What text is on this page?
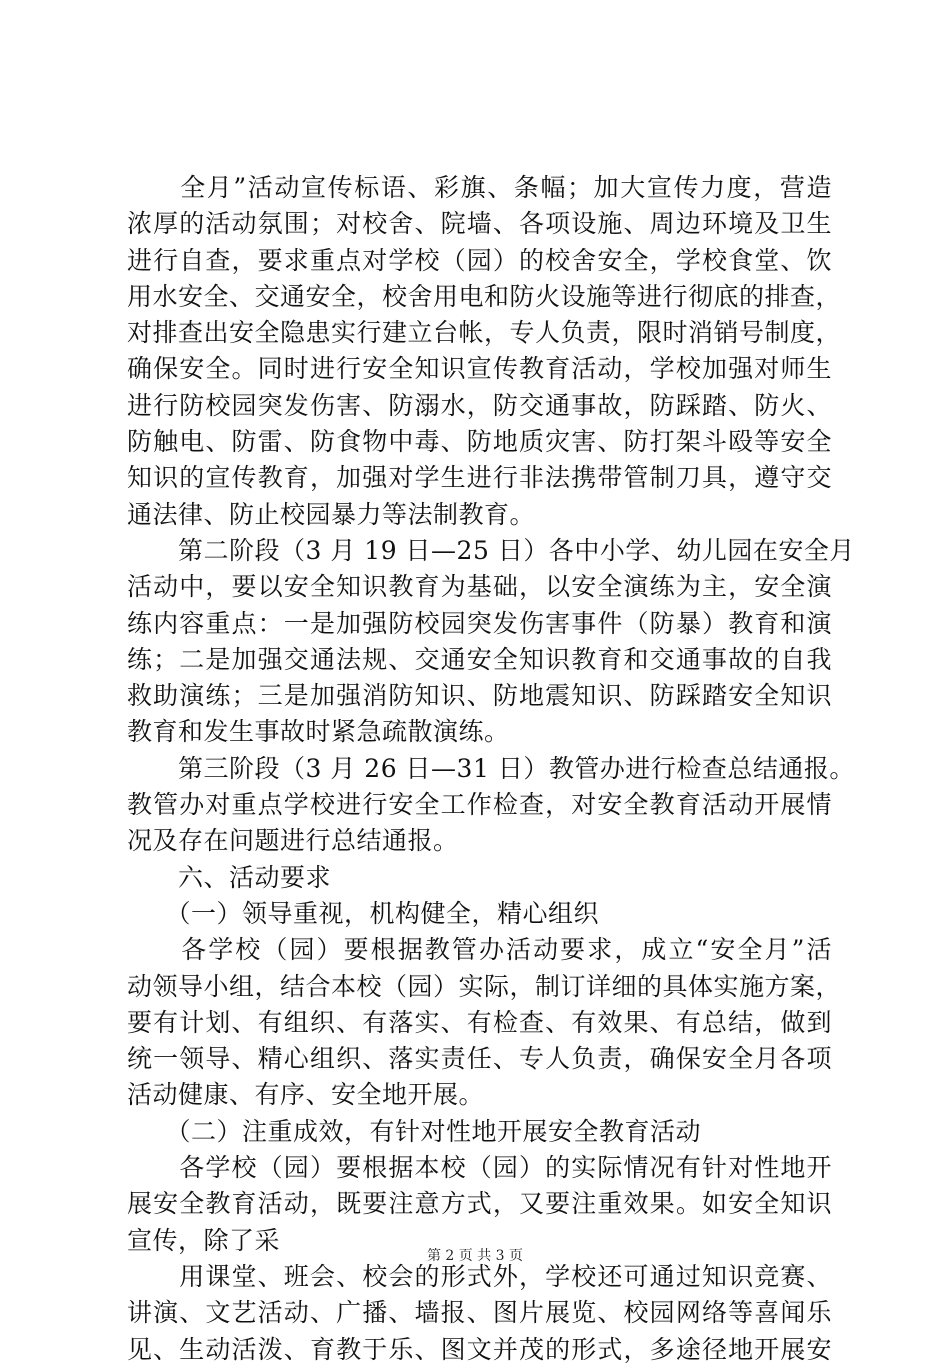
　　全月”活动宣传标语、彩旗、条幅；加大宣传力度，营造
浓厚的活动氛围；对校舍、院墙、各项设施、周边环境及卫生
进行自查，要求重点对学校（园）的校舍安全，学校食堂、饮
用水安全、交通安全，校舍用电和防火设施等进行彻底的排查，
对排查出安全隐患实行建立台帐，专人负责，限时消销号制度，
确保安全。同时进行安全知识宣传教育活动，学校加强对师生
进行防校园突发伤害、防溺水，防交通事故，防踩踏、防火、
防触电、防雷、防食物中毒、防地质灾害、防打架斗殴等安全
知识的宣传教育，加强对学生进行非法携带管制刀具，遵守交
通法律、防止校园暴力等法制教育。
　　第二阶段（3 月 19 日—25 日）各中小学、幼儿园在安全月
活动中，要以安全知识教育为基础，以安全演练为主，安全演
练内容重点：一是加强防校园突发伤害事件（防暴）教育和演
练；二是加强交通法规、交通安全知识教育和交通事故的自我
救助演练；三是加强消防知识、防地震知识、防踩踏安全知识
教育和发生事故时紧急疏散演练。
　　第三阶段（3 月 26 日—31 日）教管办进行检查总结通报。
教管办对重点学校进行安全工作检查，对安全教育活动开展情
况及存在问题进行总结通报。
　　六、活动要求
　　（一）领导重视，机构健全，精心组织
　　各学校（园）要根据教管办活动要求，成立“安全月”活
动领导小组，结合本校（园）实际，制订详细的具体实施方案，
要有计划、有组织、有落实、有检查、有效果、有总结，做到
统一领导、精心组织、落实责任、专人负责，确保安全月各项
活动健康、有序、安全地开展。
　　（二）注重成效，有针对性地开展安全教育活动
　　各学校（园）要根据本校（园）的实际情况有针对性地开
展安全教育活动，既要注意方式，又要注重效果。如安全知识
宣传，除了采
　　用课堂、班会、校会的形式外，学校还可通过知识竞赛、
讲演、文艺活动、广播、墙报、图片展览、校园网络等喜闻乐
见、生动活泼、育教于乐、图文并茂的形式，多途径地开展安
第 2 页 共 3 页
